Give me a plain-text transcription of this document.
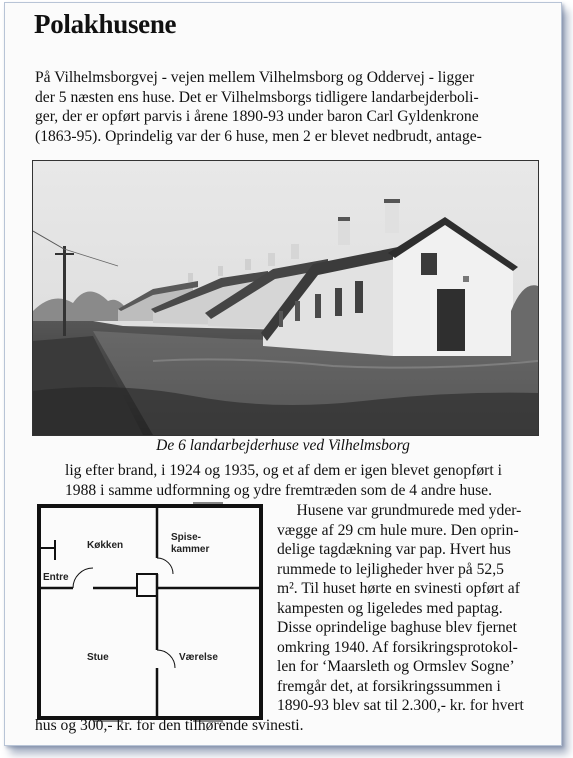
Polakhusene
På Vilhelmsborgvej - vejen mellem Vilhelmsborg og Oddervej - ligger
der 5 næsten ens huse. Det er Vilhelmsborgs tidligere landarbejderboli-
ger, der er opført parvis i årene 1890-93 under baron Carl Gyldenkrone
(1863-95). Oprindelig var der 6 huse, men 2 er blevet nedbrudt, antage-
De 6 landarbejderhuse ved Vilhelmsborg
lig efter brand, i 1924 og 1935, og et af dem er igen blevet genopført i
1988 i samme udformning og ydre fremtræden som de 4 andre huse.
Køkken
Spise-
kammer
Entre
Stue	Værelse
Husene var grundmurede med yder-
vægge af 29 cm hule mure. Den oprin-
delige tagdækning var pap. Hvert hus
rummede to lejligheder hver på 52,5
m². Til huset hørte en svinesti opført af
kampesten og ligeledes med paptag.
Disse oprindelige baghuse blev fjernet
omkring 1940. Af forsikringsprotokol-
len for ‘Maarsleth og Ormslev Sogne’
fremgår det, at forsikringssummen i
1890-93 blev sat til 2.300,- kr. for hvert
hus og 300,- kr. for den tilhørende svinesti.
